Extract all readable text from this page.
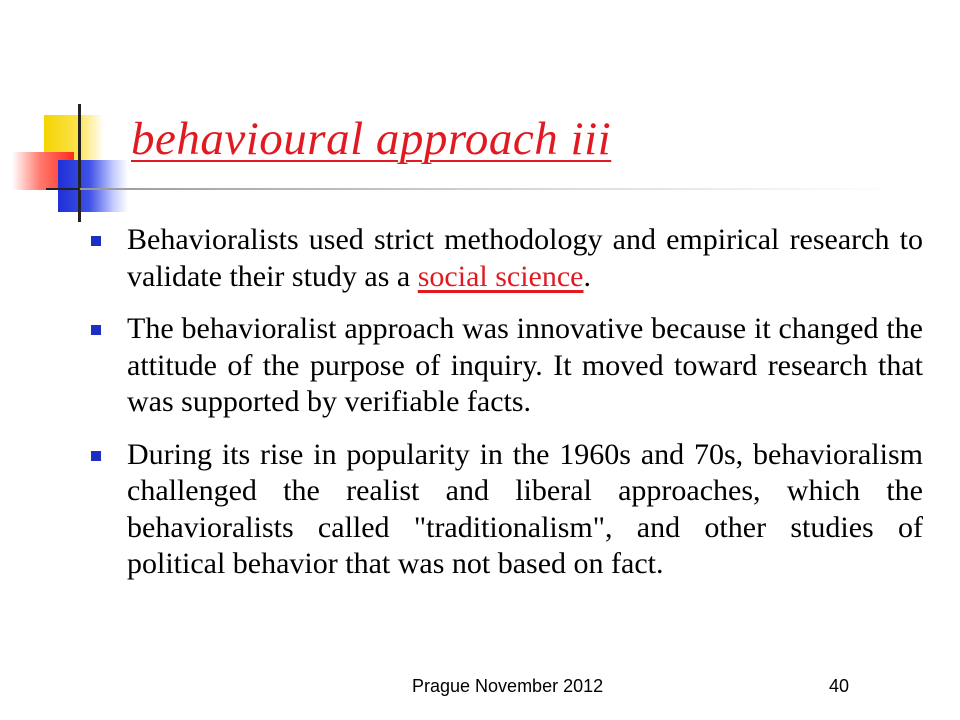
behavioural approach iii
Behavioralists used strict methodology and empirical research to validate their study as a social science.
The behavioralist approach was innovative because it changed the attitude of the purpose of inquiry. It moved toward research that was supported by verifiable facts.
During its rise in popularity in the 1960s and 70s, behavioralism challenged the realist and liberal approaches, which the behavioralists called "traditionalism", and other studies of political behavior that was not based on fact.
Prague November 2012	40
